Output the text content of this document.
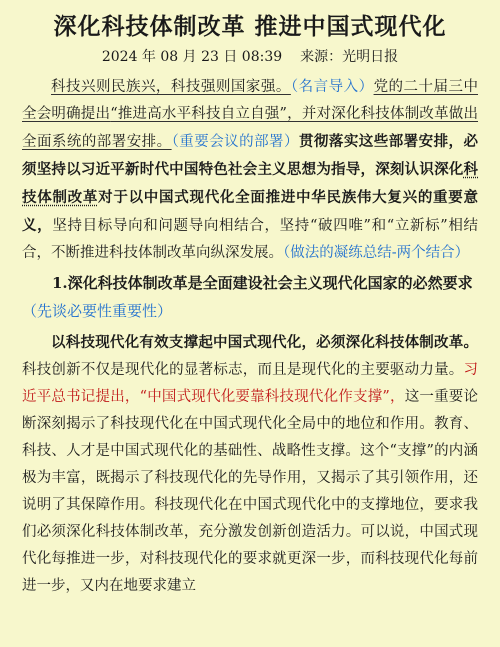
深化科技体制改革 推进中国式现代化
2024 年 08 月 23 日 08:39 来源：光明日报

科技兴则民族兴，科技强则国家强。（名言导入）党的二十届三中全会明确提出“推进高水平科技自立自强”，并对深化科技体制改革做出全面系统的部署安排。（重要会议的部署）贯彻落实这些部署安排，必须坚持以习近平新时代中国特色社会主义思想为指导，深刻认识深化科技体制改革对于以中国式现代化全面推进中华民族伟大复兴的重要意义，坚持目标导向和问题导向相结合，坚持“破四唯”和“立新标”相结合，不断推进科技体制改革向纵深发展。（做法的凝练总结-两个结合）

1.深化科技体制改革是全面建设社会主义现代化国家的必然要求（先谈必要性重要性）

以科技现代化有效支撑起中国式现代化，必须深化科技体制改革。科技创新不仅是现代化的显著标志，而且是现代化的主要驱动力量。习近平总书记提出，“中国式现代化要靠科技现代化作支撑”，这一重要论断深刻揭示了科技现代化在中国式现代化全局中的地位和作用。教育、科技、人才是中国式现代化的基础性、战略性支撑。这个“支撑”的内涵极为丰富，既揭示了科技现代化的先导作用，又揭示了其引领作用，还说明了其保障作用。科技现代化在中国式现代化中的支撑地位，要求我们必须深化科技体制改革，充分激发创新创造活力。可以说，中国式现代化每推进一步，对科技现代化的要求就更深一步，而科技现代化每前进一步，又内在地要求建立
